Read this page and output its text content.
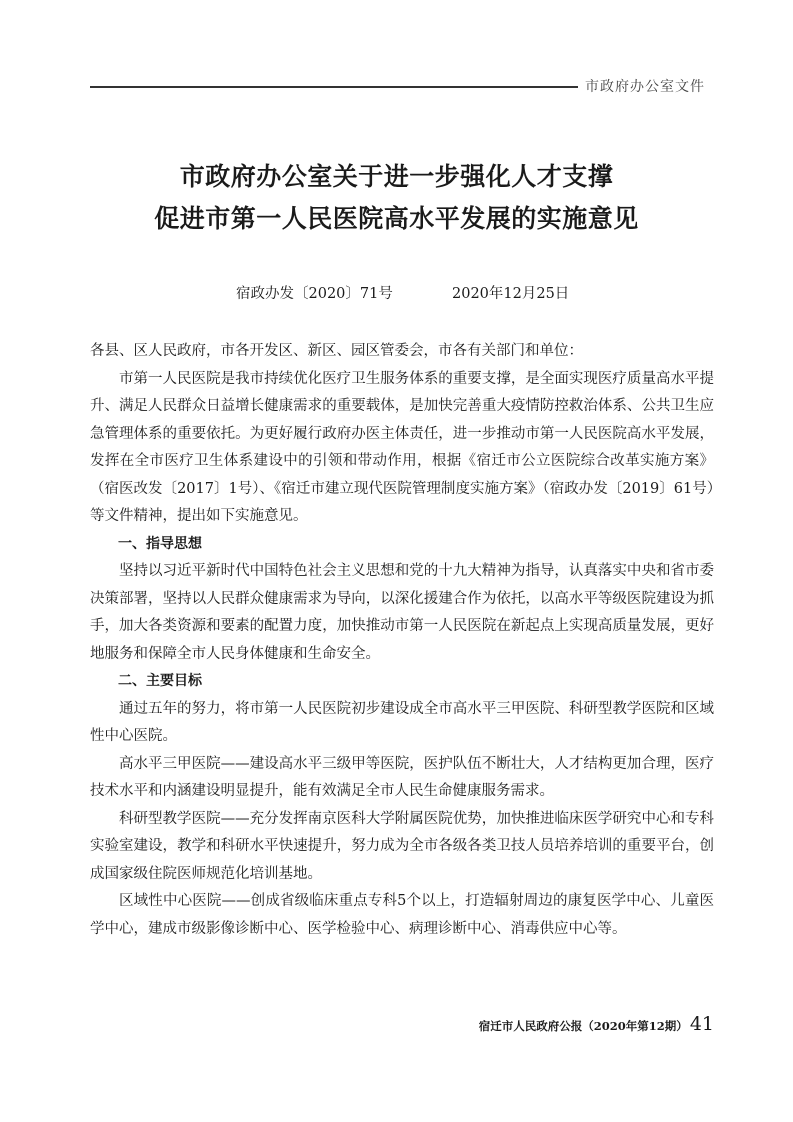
市政府办公室文件
市政府办公室关于进一步强化人才支撑
促进市第一人民医院高水平发展的实施意见
宿政办发〔2020〕71号	2020年12月25日

各县、区人民政府，市各开发区、新区、园区管委会，市各有关部门和单位：

市第一人民医院是我市持续优化医疗卫生服务体系的重要支撑，是全面实现医疗质量高水平提升、满足人民群众日益增长健康需求的重要载体，是加快完善重大疫情防控救治体系、公共卫生应急管理体系的重要依托。为更好履行政府办医主体责任，进一步推动市第一人民医院高水平发展，发挥在全市医疗卫生体系建设中的引领和带动作用，根据《宿迁市公立医院综合改革实施方案》（宿医改发〔2017〕1号）、《宿迁市建立现代医院管理制度实施方案》（宿政办发〔2019〕61号）等文件精神，提出如下实施意见。

一、指导思想

坚持以习近平新时代中国特色社会主义思想和党的十九大精神为指导，认真落实中央和省市委决策部署，坚持以人民群众健康需求为导向，以深化援建合作为依托，以高水平等级医院建设为抓手，加大各类资源和要素的配置力度，加快推动市第一人民医院在新起点上实现高质量发展，更好地服务和保障全市人民身体健康和生命安全。

二、主要目标

通过五年的努力，将市第一人民医院初步建设成全市高水平三甲医院、科研型教学医院和区域性中心医院。

高水平三甲医院——建设高水平三级甲等医院，医护队伍不断壮大，人才结构更加合理，医疗技术水平和内涵建设明显提升，能有效满足全市人民生命健康服务需求。

科研型教学医院——充分发挥南京医科大学附属医院优势，加快推进临床医学研究中心和专科实验室建设，教学和科研水平快速提升，努力成为全市各级各类卫技人员培养培训的重要平台，创成国家级住院医师规范化培训基地。

区域性中心医院——创成省级临床重点专科5个以上，打造辐射周边的康复医学中心、儿童医学中心，建成市级影像诊断中心、医学检验中心、病理诊断中心、消毒供应中心等。

宿迁市人民政府公报（2020年第12期） 41
